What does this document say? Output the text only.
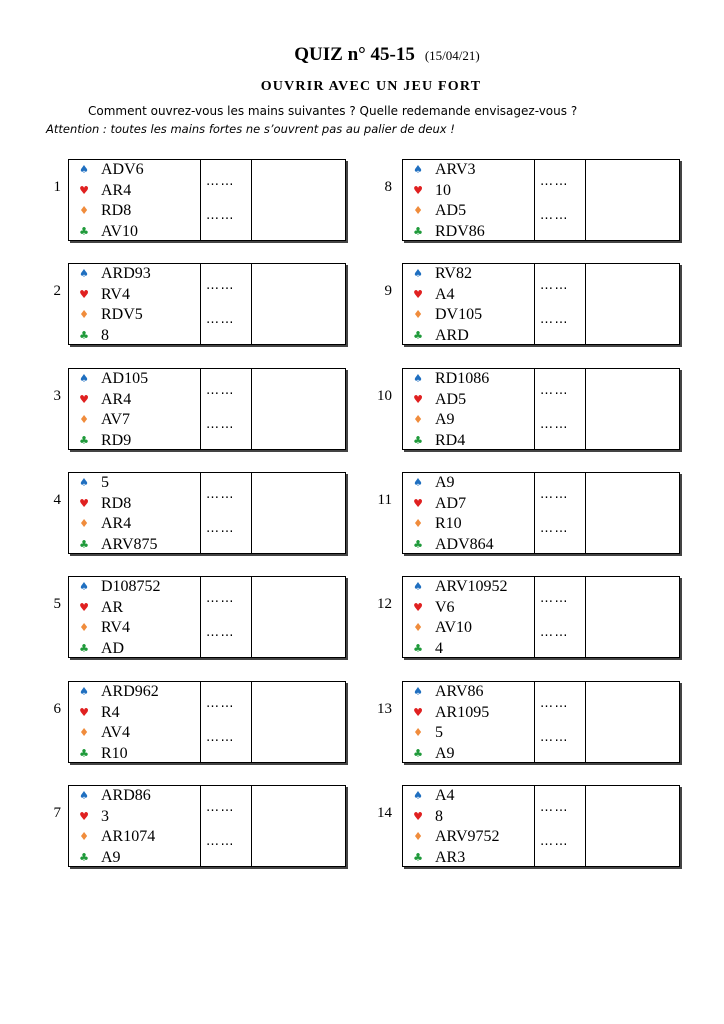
QUIZ n° 45-15 (15/04/21)
OUVRIR AVEC UN JEU FORT
Comment ouvrez-vous les mains suivantes ? Quelle redemande envisagez-vous ?
Attention : toutes les mains fortes ne s’ouvrent pas au palier de deux !
1
♠ ADV6
♥ AR4
♦ RD8
♣ AV10
……
……
2
♠ ARD93
♥ RV4
♦ RDV5
♣ 8
……
……
3
♠ AD105
♥ AR4
♦ AV7
♣ RD9
……
……
4
♠ 5
♥ RD8
♦ AR4
♣ ARV875
……
……
5
♠ D108752
♥ AR
♦ RV4
♣ AD
……
……
6
♠ ARD962
♥ R4
♦ AV4
♣ R10
……
……
7
♠ ARD86
♥ 3
♦ AR1074
♣ A9
……
……
8
♠ ARV3
♥ 10
♦ AD5
♣ RDV86
……
……
9
♠ RV82
♥ A4
♦ DV105
♣ ARD
……
……
10
♠ RD1086
♥ AD5
♦ A9
♣ RD4
……
……
11
♠ A9
♥ AD7
♦ R10
♣ ADV864
……
……
12
♠ ARV10952
♥ V6
♦ AV10
♣ 4
……
……
13
♠ ARV86
♥ AR1095
♦ 5
♣ A9
……
……
14
♠ A4
♥ 8
♦ ARV9752
♣ AR3
……
……
